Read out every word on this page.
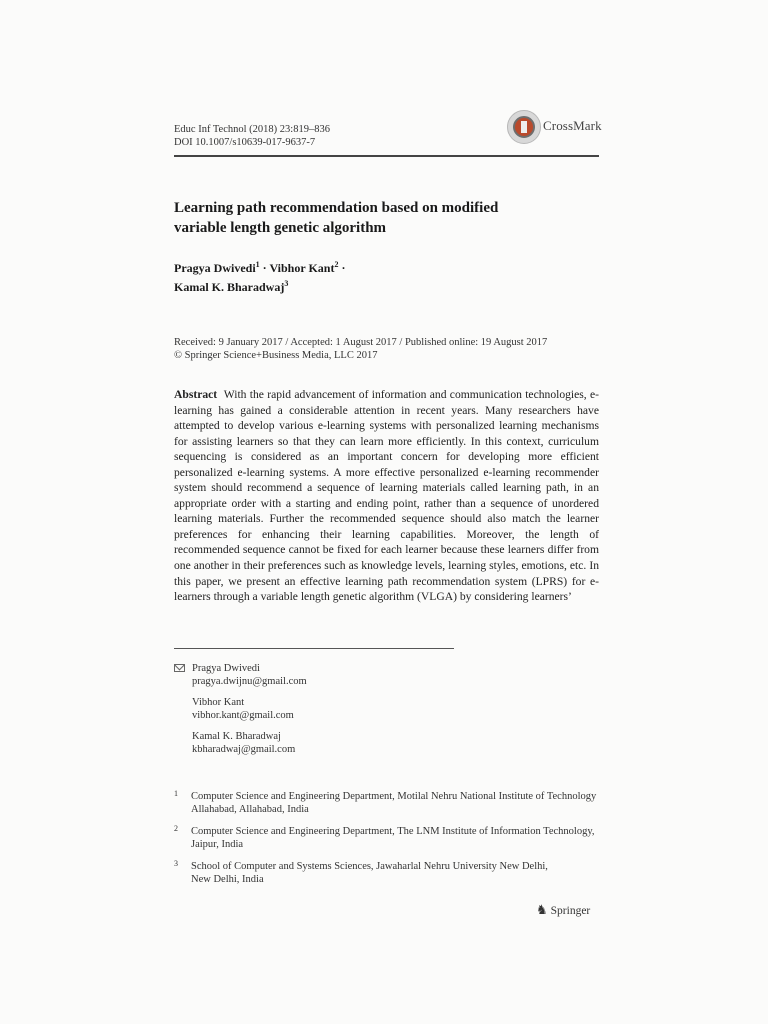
Educ Inf Technol (2018) 23:819–836
DOI 10.1007/s10639-017-9637-7
CrossMark
Learning path recommendation based on modified
variable length genetic algorithm
Pragya Dwivedi$^1$ · Vibhor Kant$^2$ ·
Kamal K. Bharadwaj$^3$
Received: 9 January 2017 / Accepted: 1 August 2017 / Published online: 19 August 2017
© Springer Science+Business Media, LLC 2017
Abstract With the rapid advancement of information and communication technologies, e-learning has gained a considerable attention in recent years. Many researchers have attempted to develop various e-learning systems with personalized learning mechanisms for assisting learners so that they can learn more efficiently. In this context, curriculum sequencing is considered as an important concern for developing more efficient personalized e-learning systems. A more effective personalized e-learning recommender system should recommend a sequence of learning materials called learning path, in an appropriate order with a starting and ending point, rather than a sequence of unordered learning materials. Further the recommended sequence should also match the learner preferences for enhancing their learning capabilities. Moreover, the length of recommended sequence cannot be fixed for each learner because these learners differ from one another in their preferences such as knowledge levels, learning styles, emotions, etc. In this paper, we present an effective learning path recommendation system (LPRS) for e-learners through a variable length genetic algorithm (VLGA) by considering learners’
Pragya Dwivedi
pragya.dwijnu@gmail.com
Vibhor Kant
vibhor.kant@gmail.com
Kamal K. Bharadwaj
kbharadwaj@gmail.com
1 Computer Science and Engineering Department, Motilal Nehru National Institute of Technology
Allahabad, Allahabad, India
2 Computer Science and Engineering Department, The LNM Institute of Information Technology,
Jaipur, India
3 School of Computer and Systems Sciences, Jawaharlal Nehru University New Delhi,
New Delhi, India
♞ Springer
